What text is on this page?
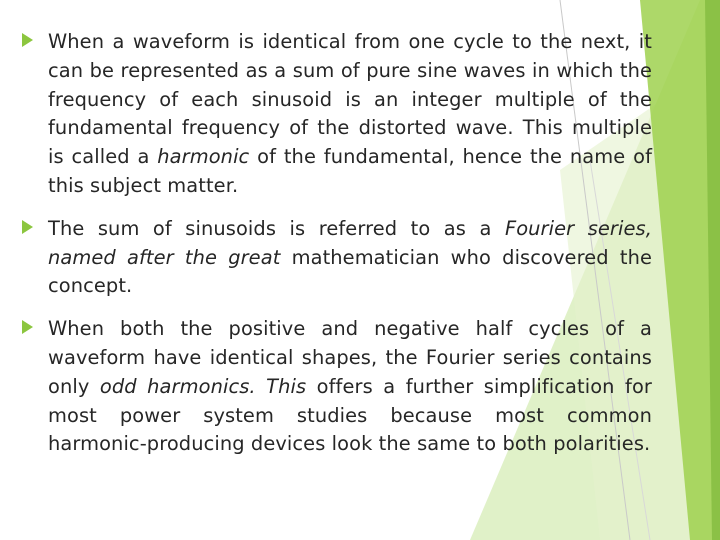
When a waveform is identical from one cycle to the next, it can be represented as a sum of pure sine waves in which the frequency of each sinusoid is an integer multiple of the fundamental frequency of the distorted wave. This multiple is called a harmonic of the fundamental, hence the name of this subject matter.
The sum of sinusoids is referred to as a Fourier series, named after the great mathematician who discovered the concept.
When both the positive and negative half cycles of a waveform have identical shapes, the Fourier series contains only odd harmonics. This offers a further simplification for most power system studies because most common harmonic-producing devices look the same to both polarities.
